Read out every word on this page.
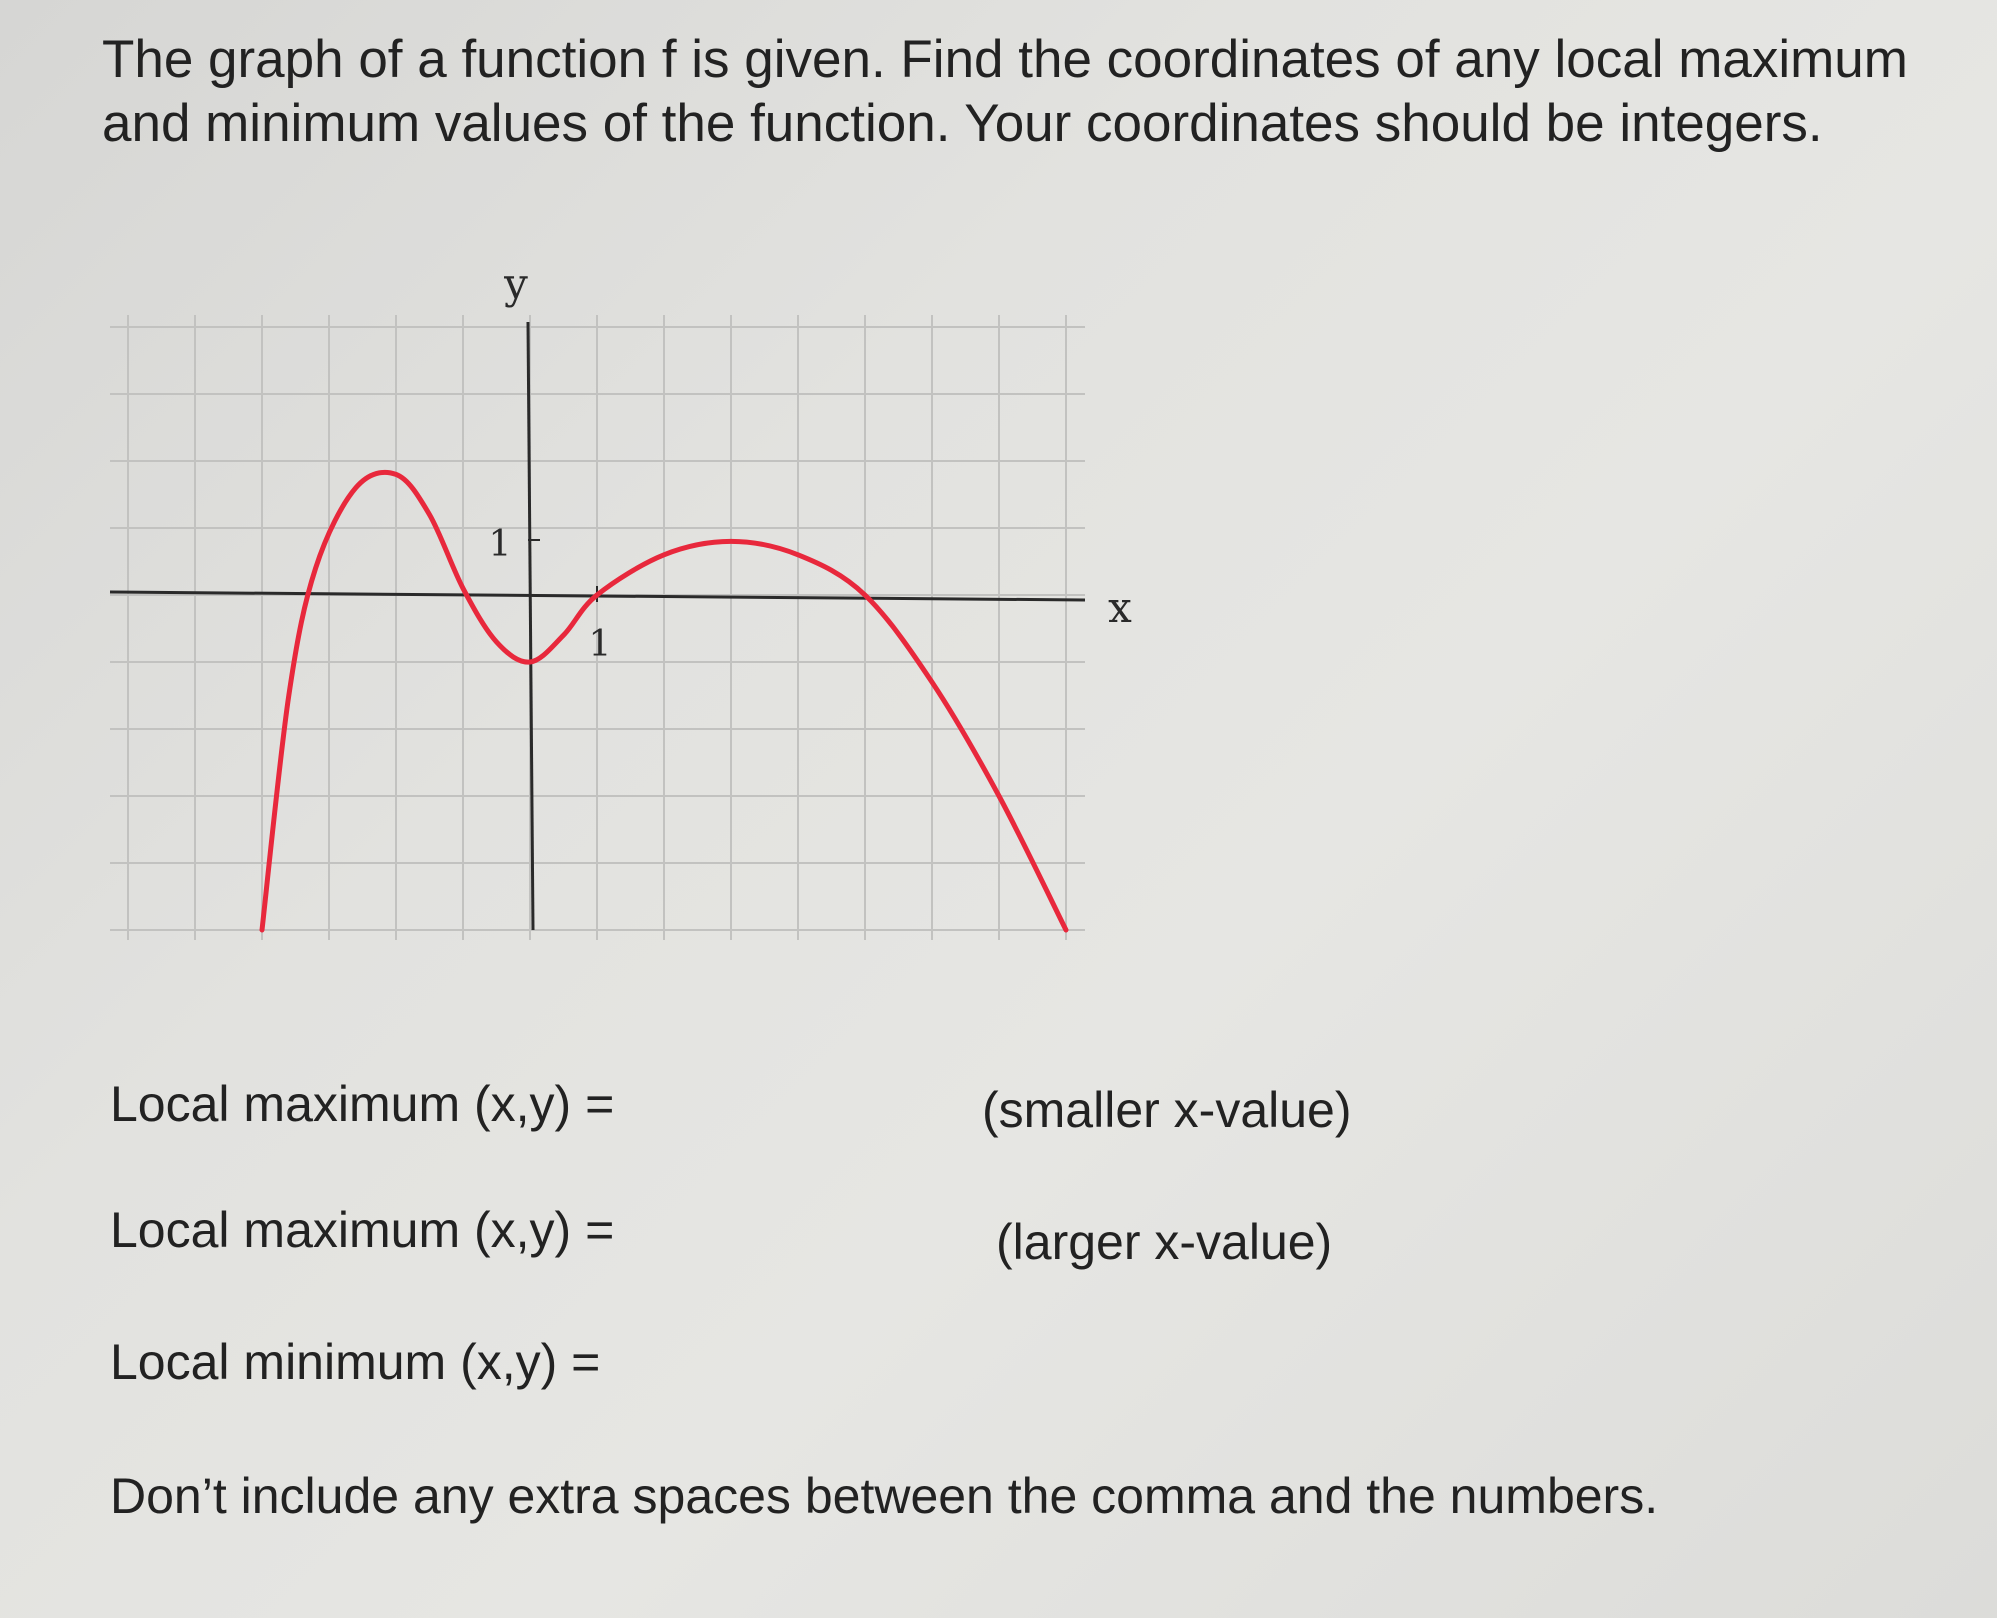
The graph of a function f is given. Find the coordinates of any local maximum and minimum values of the function. Your coordinates should be integers.
y
x
1
1
Local maximum (x,y) =	(smaller x-value)
Local maximum (x,y) =	(larger x-value)
Local minimum (x,y) =
Don’t include any extra spaces between the comma and the numbers.
